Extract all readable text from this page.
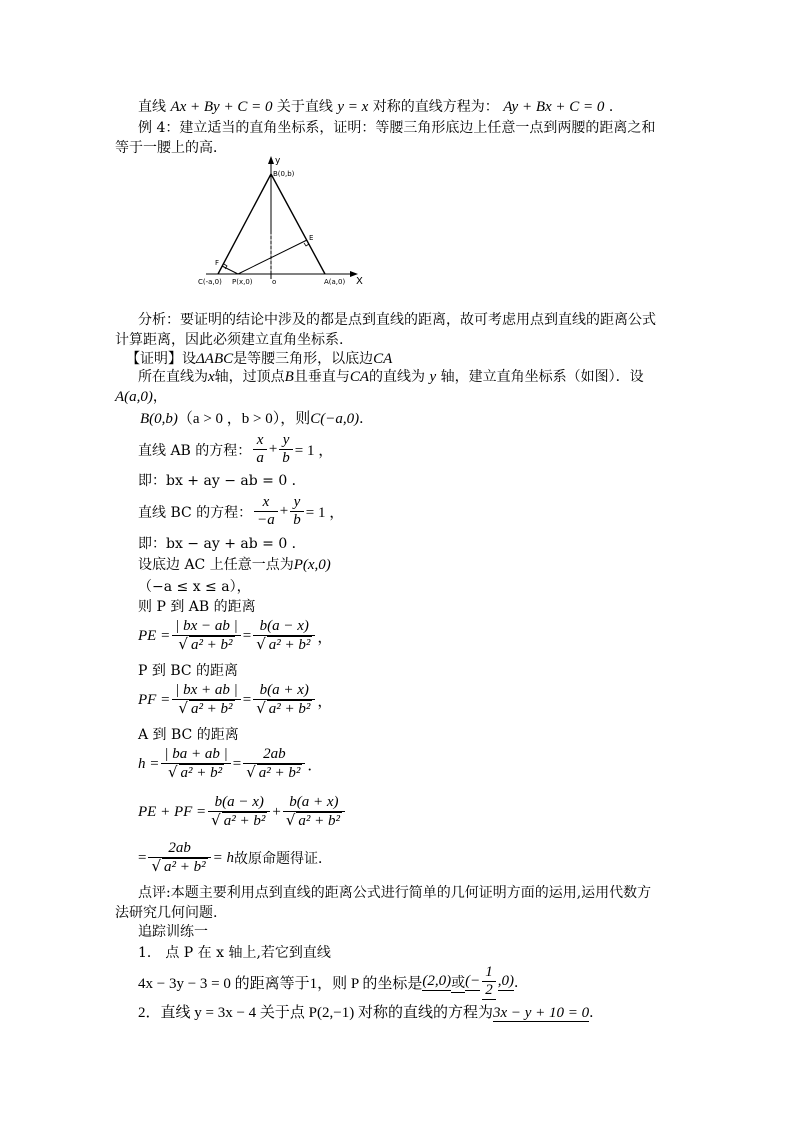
直线 Ax + By + C = 0 关于直线 y = x 对称的直线方程为： Ay + Bx + C = 0 ．
例 4：建立适当的直角坐标系，证明：等腰三角形底边上任意一点到两腰的距离之和
等于一腰上的高．
y
X
B(0,b)
E
F
C(-a,0) P(x,0)	o	A(a,0)
分析：要证明的结论中涉及的都是点到直线的距离，故可考虑用点到直线的距离公式
计算距离，因此必须建立直角坐标系.
【证明】设ΔABC是等腰三角形，以底边CA
所在直线为x轴，过顶点B且垂直与CA的直线为 y 轴，建立直角坐标系（如图）．设
A(a,0)，
B(0,b)（a > 0 ，b > 0），则C(−a,0)．
直线 AB 的方程： $\frac{x}{a} + \frac{y}{b} = 1$ ，
即：bx + ay − ab = 0 ．
直线 BC 的方程： $\frac{x}{-a} + \frac{y}{b} = 1$ ，
即：bx − ay + ab = 0 ．
设底边 AC 上任意一点为P(x,0)
（−a ≤ x ≤ a），
则 P 到 AB 的距离
PE = $\frac{| bx - ab |}{\text{√ a² + b²}} = \frac{b(a - x)}{\text{√ a² + b²}}$ ，
P 到 BC 的距离
PF = $\frac{| bx + ab |}{\text{√ a² + b²}} = \frac{b(a + x)}{\text{√ a² + b²}}$ ，
A 到 BC 的距离
$h = \frac{| ba + ab |}{\text{√ a² + b²}} = \frac{2ab}{\text{√ a² + b²}}$ ．
PE + PF = $\frac{b(a - x)}{\text{√ a² + b²}} + \frac{b(a + x)}{\text{√ a² + b²}}$
= $\frac{2ab}{\text{√ a² + b²}} = h$ 故原命题得证．
点评:本题主要利用点到直线的距离公式进行简单的几何证明方面的运用,运用代数方
法研究几何问题.
追踪训练一
1． 点 P 在 x 轴上,若它到直线
4x − 3y − 3 = 0 的距离等于1，则 P 的坐标是 (2,0) 或 (− $\frac{1}{2} ,0$) ．
2．直线 y = 3x − 4 关于点 P(2,−1) 对称的直线的方程为3x − y + 10 = 0．
